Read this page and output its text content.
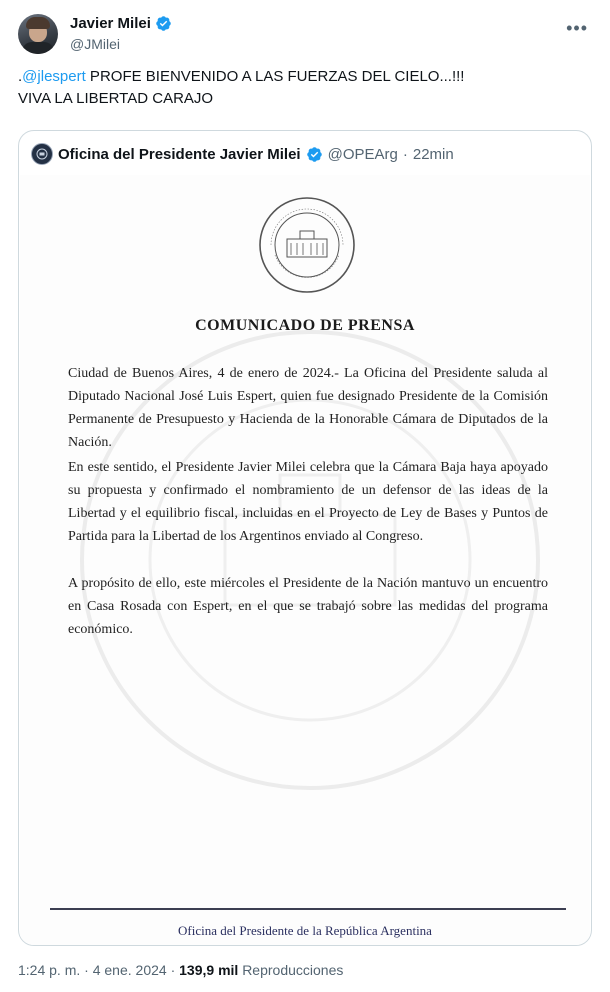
Javier Milei
@JMilei
•••
.@jlespert PROFE BIENVENIDO A LAS FUERZAS DEL CIELO...!!!
VIVA LA LIBERTAD CARAJO
Oficina del Presidente Javier Milei @OPEArg · 22min
COMUNICADO DE PRENSA
Ciudad de Buenos Aires, 4 de enero de 2024.- La Oficina del Presidente saluda al Diputado Nacional José Luis Espert, quien fue designado Presidente de la Comisión Permanente de Presupuesto y Hacienda de la Honorable Cámara de Diputados de la Nación.
En este sentido, el Presidente Javier Milei celebra que la Cámara Baja haya apoyado su propuesta y confirmado el nombramiento de un defensor de las ideas de la Libertad y el equilibrio fiscal, incluidas en el Proyecto de Ley de Bases y Puntos de Partida para la Libertad de los Argentinos enviado al Congreso.
A propósito de ello, este miércoles el Presidente de la Nación mantuvo un encuentro en Casa Rosada con Espert, en el que se trabajó sobre las medidas del programa económico.
Oficina del Presidente de la República Argentina
1:24 p. m. · 4 ene. 2024 · 139,9 mil Reproducciones
